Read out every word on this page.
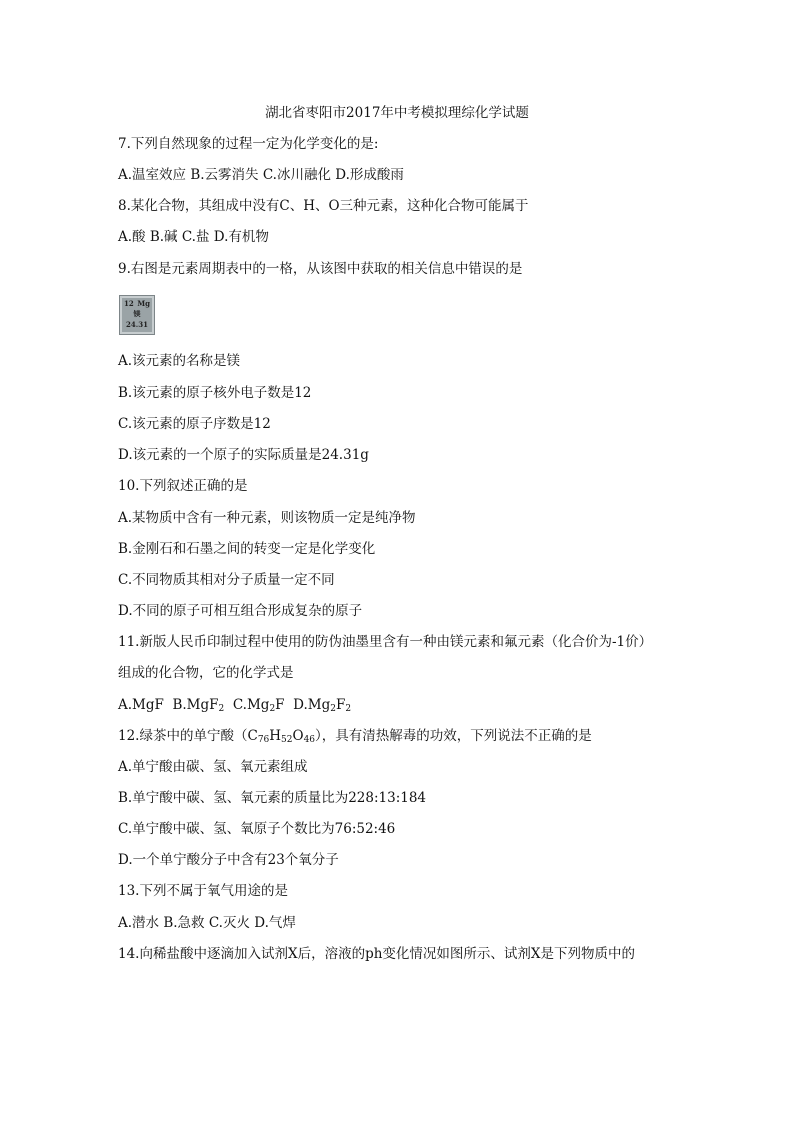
湖北省枣阳市2017年中考模拟理综化学试题
7.下列自然现象的过程一定为化学变化的是:
A.温室效应 B.云雾消失 C.冰川融化 D.形成酸雨
8.某化合物，其组成中没有C、H、O三种元素，这种化合物可能属于
A.酸 B.碱 C.盐 D.有机物
9.右图是元素周期表中的一格，从该图中获取的相关信息中错误的是
12 Mg
镁
24.31
A.该元素的名称是镁
B.该元素的原子核外电子数是12
C.该元素的原子序数是12
D.该元素的一个原子的实际质量是24.31g
10.下列叙述正确的是
A.某物质中含有一种元素，则该物质一定是纯净物
B.金刚石和石墨之间的转变一定是化学变化
C.不同物质其相对分子质量一定不同
D.不同的原子可相互组合形成复杂的原子
11.新版人民币印制过程中使用的防伪油墨里含有一种由镁元素和氟元素（化合价为-1价）
组成的化合物，它的化学式是
A.MgF  B.MgF$_2$  $C.Mg_2F$  $D.Mg_2F_2$
12.绿茶中的单宁酸$(C_{76}H_{52}O_{46})$，具有清热解毒的功效，下列说法不正确的是
A.单宁酸由碳、氢、氧元素组成
B.单宁酸中碳、氢、氧元素的质量比为228:13:184
C.单宁酸中碳、氢、氧原子个数比为76:52:46
D.一个单宁酸分子中含有23个氧分子
13.下列不属于氧气用途的是
A.潜水 B.急救 C.灭火 D.气焊
14.向稀盐酸中逐滴加入试剂X后，溶液的ph变化情况如图所示、试剂X是下列物质中的
